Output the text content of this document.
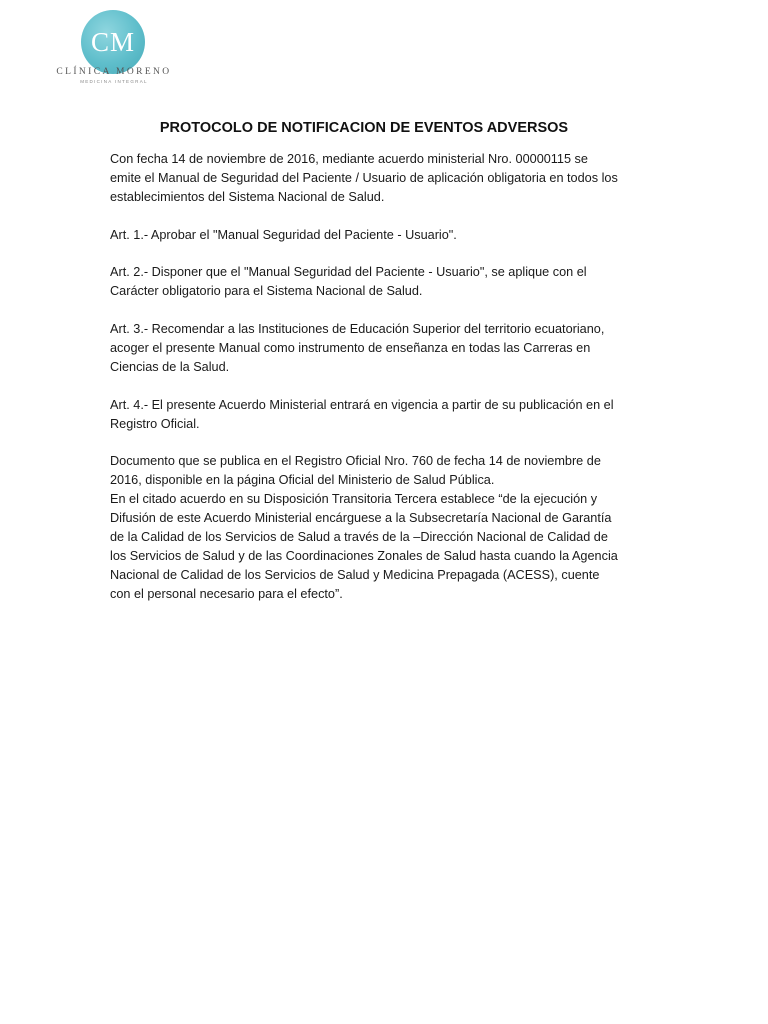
CM
CLÍNICA MORENO
MEDICINA INTEGRAL
PROTOCOLO DE NOTIFICACION DE EVENTOS ADVERSOS

Con fecha 14 de noviembre de 2016, mediante acuerdo ministerial Nro. 00000115 se emite el Manual de Seguridad del Paciente / Usuario de aplicación obligatoria en todos los establecimientos del Sistema Nacional de Salud.

Art. 1.- Aprobar el "Manual Seguridad del Paciente - Usuario".

Art. 2.- Disponer que el "Manual Seguridad del Paciente - Usuario", se aplique con el Carácter obligatorio para el Sistema Nacional de Salud.

Art. 3.- Recomendar a las Instituciones de Educación Superior del territorio ecuatoriano, acoger el presente Manual como instrumento de enseñanza en todas las Carreras en Ciencias de la Salud.

Art. 4.- El presente Acuerdo Ministerial entrará en vigencia a partir de su publicación en el Registro Oficial.

Documento que se publica en el Registro Oficial Nro. 760 de fecha 14 de noviembre de 2016, disponible en la página Oficial del Ministerio de Salud Pública.

En el citado acuerdo en su Disposición Transitoria Tercera establece “de la ejecución y Difusión de este Acuerdo Ministerial encárguese a la Subsecretaría Nacional de Garantía de la Calidad de los Servicios de Salud a través de la –Dirección Nacional de Calidad de los Servicios de Salud y de las Coordinaciones Zonales de Salud hasta cuando la Agencia Nacional de Calidad de los Servicios de Salud y Medicina Prepagada (ACESS), cuente con el personal necesario para el efecto”.
